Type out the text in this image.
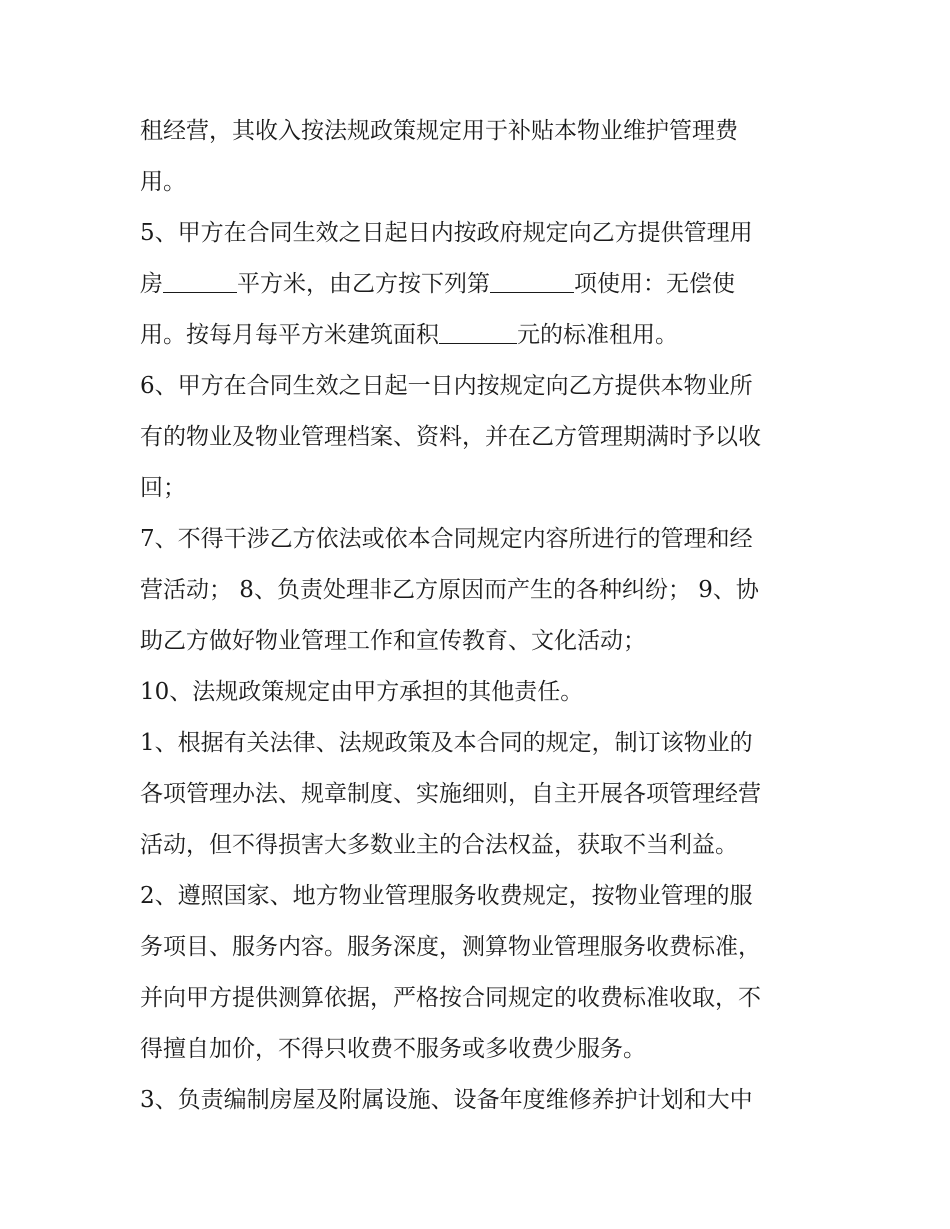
租经营，其收入按法规政策规定用于补贴本物业维护管理费
用。
5、甲方在合同生效之日起日内按政府规定向乙方提供管理用
房	平方米，由乙方按下列第	项使用：无偿使
用。按每月每平方米建筑面积	元的标准租用。
6、甲方在合同生效之日起一日内按规定向乙方提供本物业所
有的物业及物业管理档案、资料，并在乙方管理期满时予以收
回；
7、不得干涉乙方依法或依本合同规定内容所进行的管理和经
营活动； 8、负责处理非乙方原因而产生的各种纠纷； 9、协
助乙方做好物业管理工作和宣传教育、文化活动；
10、法规政策规定由甲方承担的其他责任。
1、根据有关法律、法规政策及本合同的规定，制订该物业的
各项管理办法、规章制度、实施细则，自主开展各项管理经营
活动，但不得损害大多数业主的合法权益，获取不当利益。
2、遵照国家、地方物业管理服务收费规定，按物业管理的服
务项目、服务内容。服务深度，测算物业管理服务收费标准，
并向甲方提供测算依据，严格按合同规定的收费标准收取，不
得擅自加价，不得只收费不服务或多收费少服务。
3、负责编制房屋及附属设施、设备年度维修养护计划和大中
